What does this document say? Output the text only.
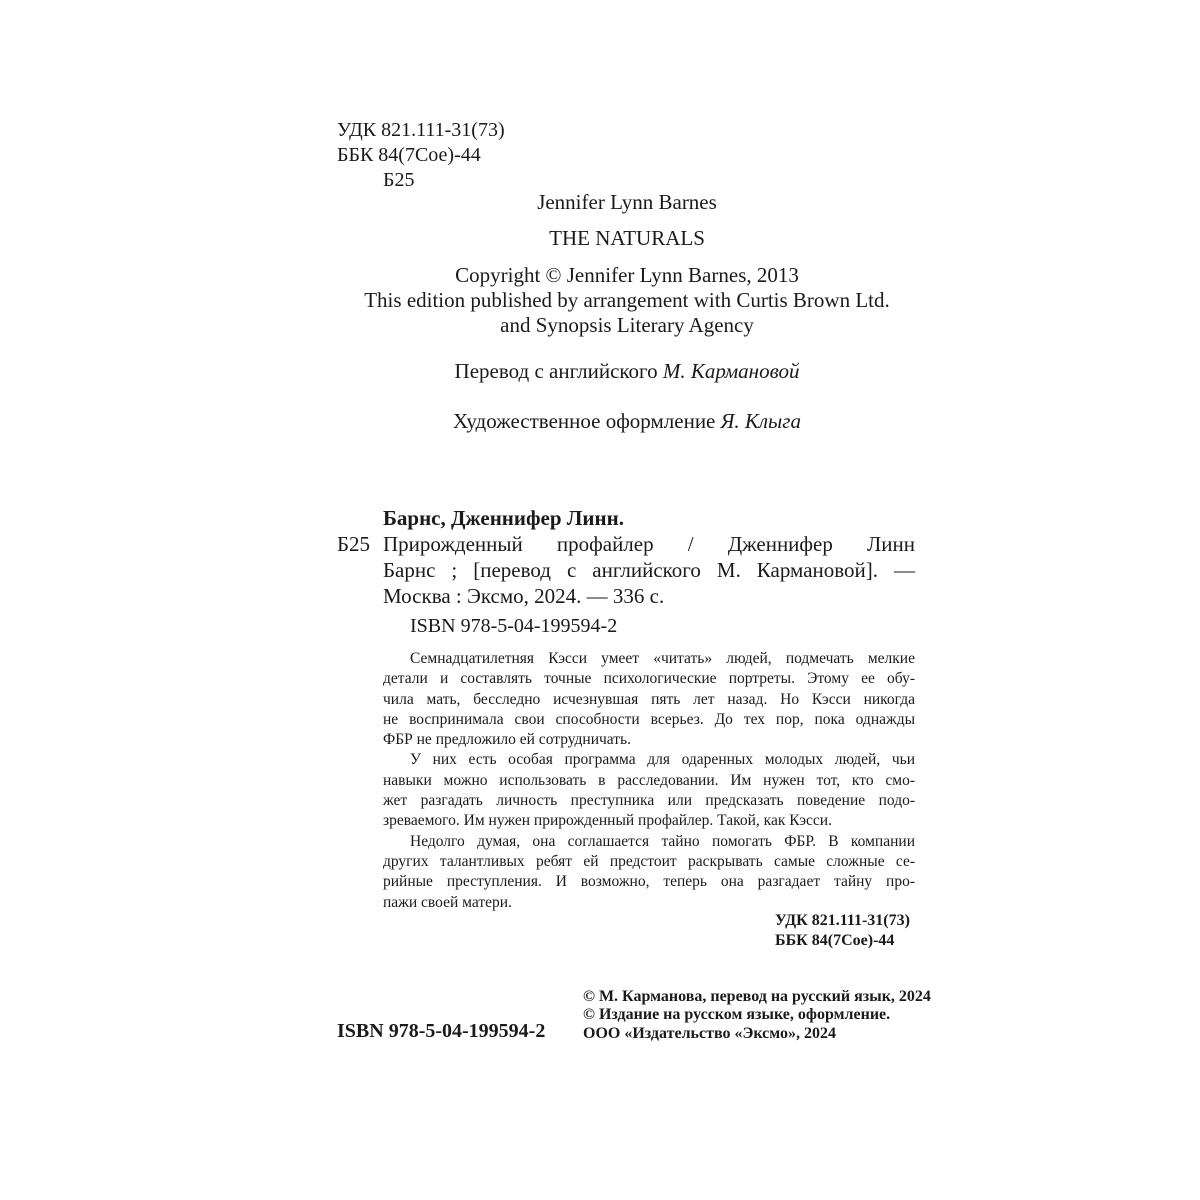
УДК 821.111-31(73)
ББК 84(7Сое)-44
Б25
Jennifer Lynn Barnes
THE NATURALS
Copyright © Jennifer Lynn Barnes, 2013
This edition published by arrangement with Curtis Brown Ltd.
and Synopsis Literary Agency
Перевод с английского М. Кармановой
Художественное оформление Я. Клыга
Барнс, Дженнифер Линн.
Б25 Прирожденный профайлер / Дженнифер Линн
Барнс ; [перевод с английского М. Кармановой]. —
Москва : Эксмо, 2024. — 336 с.
ISBN 978-5-04-199594-2
Семнадцатилетняя Кэсси умеет «читать» людей, подмечать мелкие
детали и составлять точные психологические портреты. Этому ее обу-
чила мать, бесследно исчезнувшая пять лет назад. Но Кэсси никогда
не воспринимала свои способности всерьез. До тех пор, пока однажды
ФБР не предложило ей сотрудничать.
У них есть особая программа для одаренных молодых людей, чьи
навыки можно использовать в расследовании. Им нужен тот, кто смо-
жет разгадать личность преступника или предсказать поведение подо-
зреваемого. Им нужен прирожденный профайлер. Такой, как Кэсси.
Недолго думая, она соглашается тайно помогать ФБР. В компании
других талантливых ребят ей предстоит раскрывать самые сложные се-
рийные преступления. И возможно, теперь она разгадает тайну про-
пажи своей матери.
УДК 821.111-31(73)
ББК 84(7Сое)-44
ISBN 978-5-04-199594-2
© М. Карманова, перевод на русский язык, 2024
© Издание на русском языке, оформление.
ООО «Издательство «Эксмо», 2024
